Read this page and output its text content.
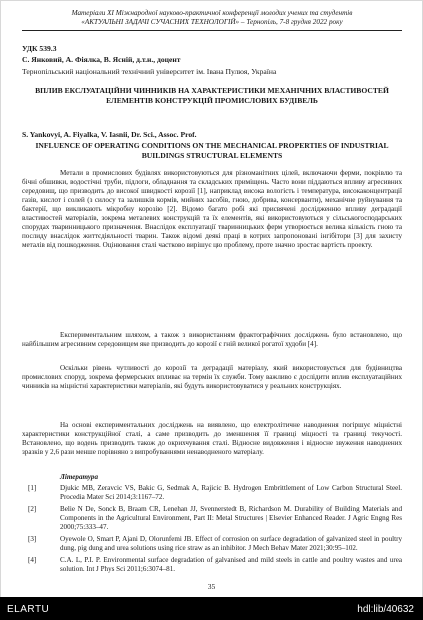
Матеріали XI Міжнародної науково-практичної конференції молодих учених та студентів
«АКТУАЛЬНІ ЗАДАЧІ СУЧАСНИХ ТЕХНОЛОГІЙ» – Тернопіль, 7-8 грудня 2022 року
УДК 539.3
С. Янковий, А. Фіялка, В. Ясній, д.т.н., доцент
Тернопільський національний технічний університет ім. Івана Пулюя, Україна
ВПЛИВ ЕКСЛУАТАЦІЙНИ ЧИННИКІВ НА ХАРАКТЕРИСТИКИ МЕХАНІЧНИХ ВЛАСТИВОСТЕЙ ЕЛЕМЕНТІВ КОНСТРУКЦІЙ ПРОМИСЛОВИХ БУДІВЕЛЬ
S. Yankovyi, A. Fiyalka, V. Iasnii, Dr. Sci., Assoc. Prof.
INFLUENCE OF OPERATING CONDITIONS ON THE MECHANICAL PROPERTIES OF INDUSTRIAL BUILDINGS STRUCTURAL ELEMENTS
Метали в промислових будівлях використовуються для різноманітних цілей, включаючи ферми, покрівлю та бічні обшивки, водостічні труби, підлоги, обладнання та складських приміщень. Часто вони піддаються впливу агресивних середовищ, що призводить до високої швидкості корозії [1], наприклад висока вологість і температура, високаконцентрації газів, кислот і солей (з силосу та залишків кормів, мийних засобів, гною, добрива, консерванти), механічне руйнування та бактерії, що викликають мікробну корозію [2]. Відомо багато робі які присвячені дослідженню впливу деградації властивостей матеріалів, зокрема металевих конструкцій та їх елементів, які використовуються у сільськогосподарських спорудах тваринницького призначення. Внаслідок експлуатації тваринницьких ферм утворюється велика кількість гною та послиду внаслідок життєдіяльності тварин. Також відомі деякі праці в котрих запропоновані інгібітори [3] для захисту металів від пошкодження. Оцінювання сталі частково вирішує цю проблему, проте значно зростає вартість проекту.
Експериментальним шляхом, а також з використанням фрактографічних досліджень було встановлено, що найбільшим агресивним середовищем яке призводить до корозії є гній великої рогатої худоби [4].
Оскільки рівень чутливості до корозії та деградації матеріалу, який використовується для будівництва промислових споруд, зокрема фермерських впливає на термін їх служби. Тому важливо є дослідити вплив експлуатаційних чинників на міцністні характеристики матеріалів, які будуть використовуватися у реальних конструкціях.
На основі експериментальних досліджень на виявлено, що електролітичне наводнення погіршує міцністні характеристики конструкційної сталі, а саме призводить до зменшення її границі міцності та границі текучості. Встановлено, що водень призводить також до окрихчування сталі. Відносне видовження і відносне звуження наводнених зразків у 2,6 рази менше порівняно з випробуваннями ненаводненого матеріалу.
Література
[1]	Djukic MB, Zeravcic VS, Bakic G, Sedmak A, Rajicic B. Hydrogen Embrittlement of Low Carbon Structural Steel. Procedia Mater Sci 2014;3:1167–72.
[2]	Belie N De, Sonck B, Braam CR, Lenehan JJ, Svennerstedt B, Richardson M. Durability of Building Materials and Components in the Agricultural Environment, Part II: Metal Structures | Elsevier Enhanced Reader. J Agric Engng Res 2000;75:333–47.
[3]	Oyewole O, Smart P, Ajani D, Olorunfemi JB. Effect of corrosion on surface degradation of galvanized steel in poultry dung, pig dung and urea solutions using rice straw as an inhibitor. J Mech Behav Mater 2021;30:95–102.
[4]	C.A. L, P.I. P. Environmental surface degradation of galvanised and mild steels in cattle and poultry wastes and urea solution. Int J Phys Sci 2011;6:3074–81.
35
ELARTU	hdl:lib/40632
